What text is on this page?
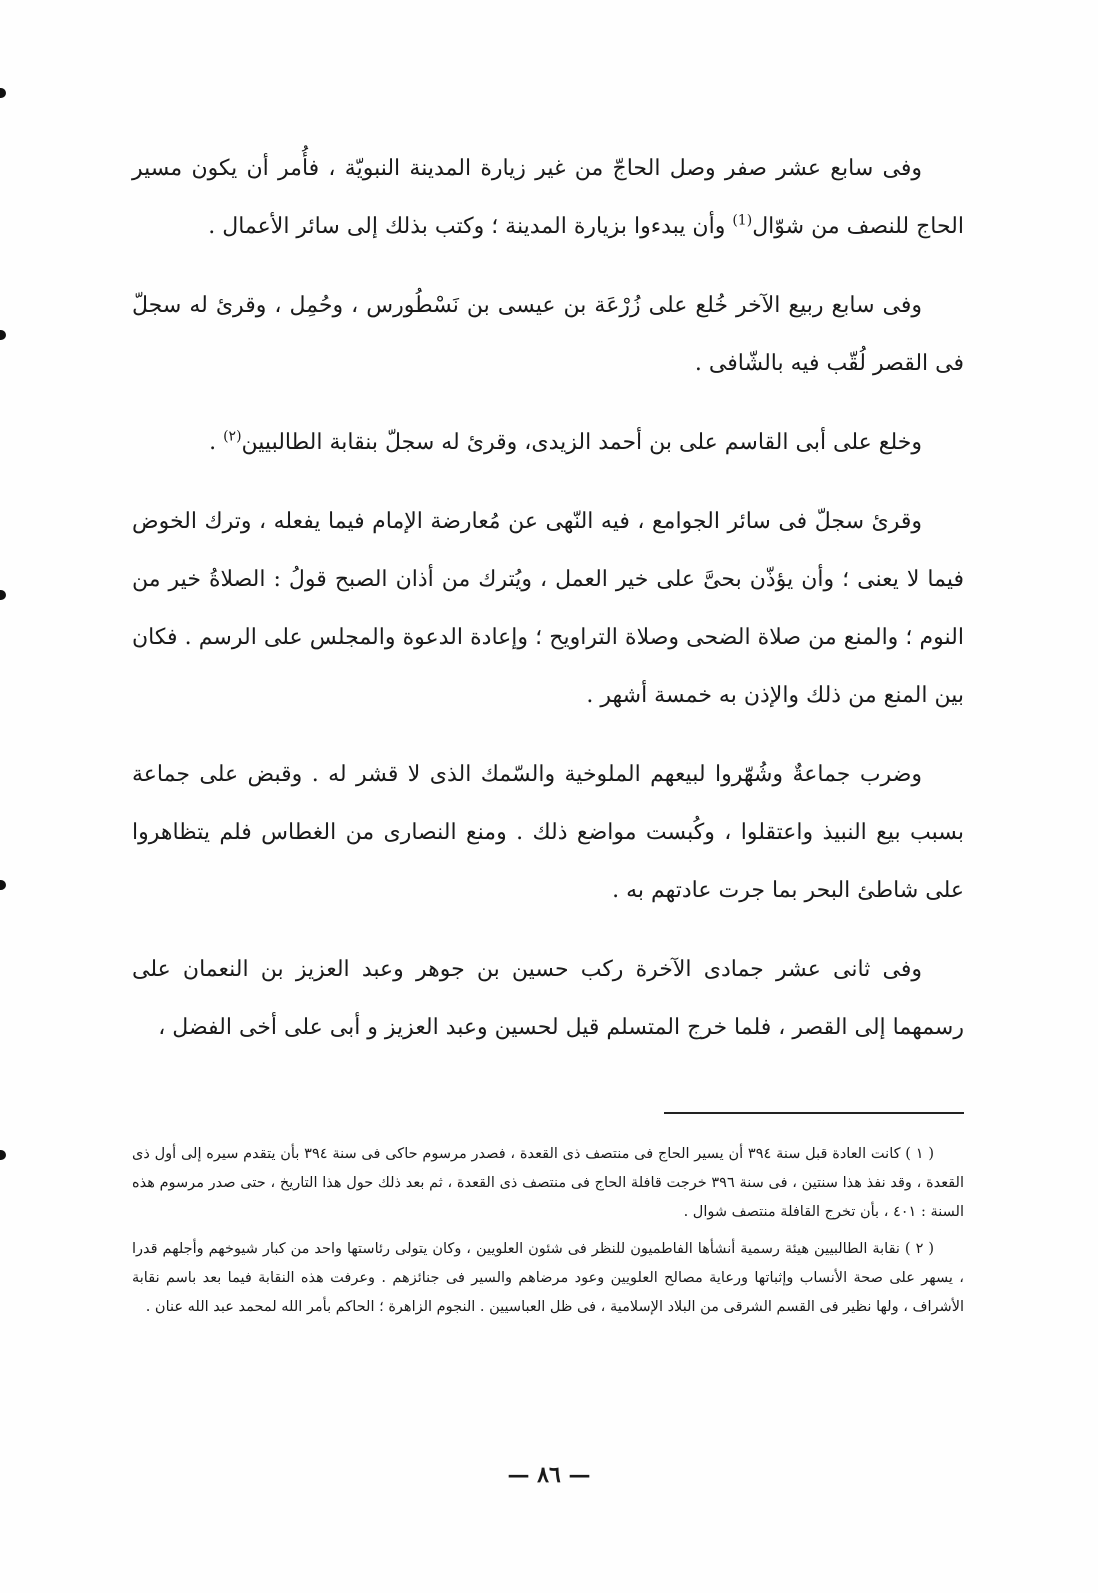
وفى سابع عشر صفر وصل الحاجّ من غير زيارة المدينة النبويّة ، فأُمر أن يكون مسير الحاج للنصف من شوّال$^{(1)}$ وأن يبدءوا بزيارة المدينة ؛ وكتب بذلك إلى سائر الأعمال .

وفى سابع ربيع الآخر خُلع على زُرْعَة بن عيسى بن نَسْطُورس ، وحُمِل ، وقرئ له سجلّ فى القصر لُقّب فيه بالشّافى .

وخلع على أبى القاسم على بن أحمد الزيدى، وقرئ له سجلّ بنقابة الطالبيين$^{(٢)}$ .

وقرئ سجلّ فى سائر الجوامع ، فيه النّهى عن مُعارضة الإمام فيما يفعله ، وترك الخوض فيما لا يعنى ؛ وأن يؤذّن بحىَّ على خير العمل ، ويُترك من أذان الصبح قولُ : الصلاةُ خير من النوم ؛ والمنع من صلاة الضحى وصلاة التراويح ؛ وإعادة الدعوة والمجلس على الرسم . فكان بين المنع من ذلك والإذن به خمسة أشهر .

وضرب جماعةٌ وشُهّروا لبيعهم الملوخية والسّمك الذى لا قشر له . وقبض على جماعة بسبب بيع النبيذ واعتقلوا ، وكُبست مواضع ذلك . ومنع النصارى من الغطاس فلم يتظاهروا على شاطئ البحر بما جرت عادتهم به .

وفى ثانى عشر جمادى الآخرة ركب حسين بن جوهر وعبد العزيز بن النعمان على رسمهما إلى القصر ، فلما خرج المتسلم قيل لحسين وعبد العزيز و أبى على أخى الفضل ،

( ١ ) كانت العادة قبل سنة ٣٩٤ أن يسير الحاج فى منتصف ذى القعدة ، فصدر مرسوم حاكى فى سنة ٣٩٤ بأن يتقدم سيره إلى أول ذى القعدة ، وقد نفذ هذا سنتين ، فى سنة ٣٩٦ خرجت قافلة الحاج فى منتصف ذى القعدة ، ثم بعد ذلك حول هذا التاريخ ، حتى صدر مرسوم هذه السنة : ٤٠١ ، بأن تخرج القافلة منتصف شوال .

( ٢ ) نقابة الطالبيين هيئة رسمية أنشأها الفاطميون للنظر فى شئون العلويين ، وكان يتولى رئاستها واحد من كبار شيوخهم وأجلهم قدرا ، يسهر على صحة الأنساب وإثباتها ورعاية مصالح العلويين وعود مرضاهم والسير فى جنائزهم . وعرفت هذه النقابة فيما بعد باسم نقابة الأشراف ، ولها نظير فى القسم الشرقى من البلاد الإسلامية ، فى ظل العباسيين . النجوم الزاهرة ؛ الحاكم بأمر الله لمحمد عبد الله عنان .

— ٨٦ —
